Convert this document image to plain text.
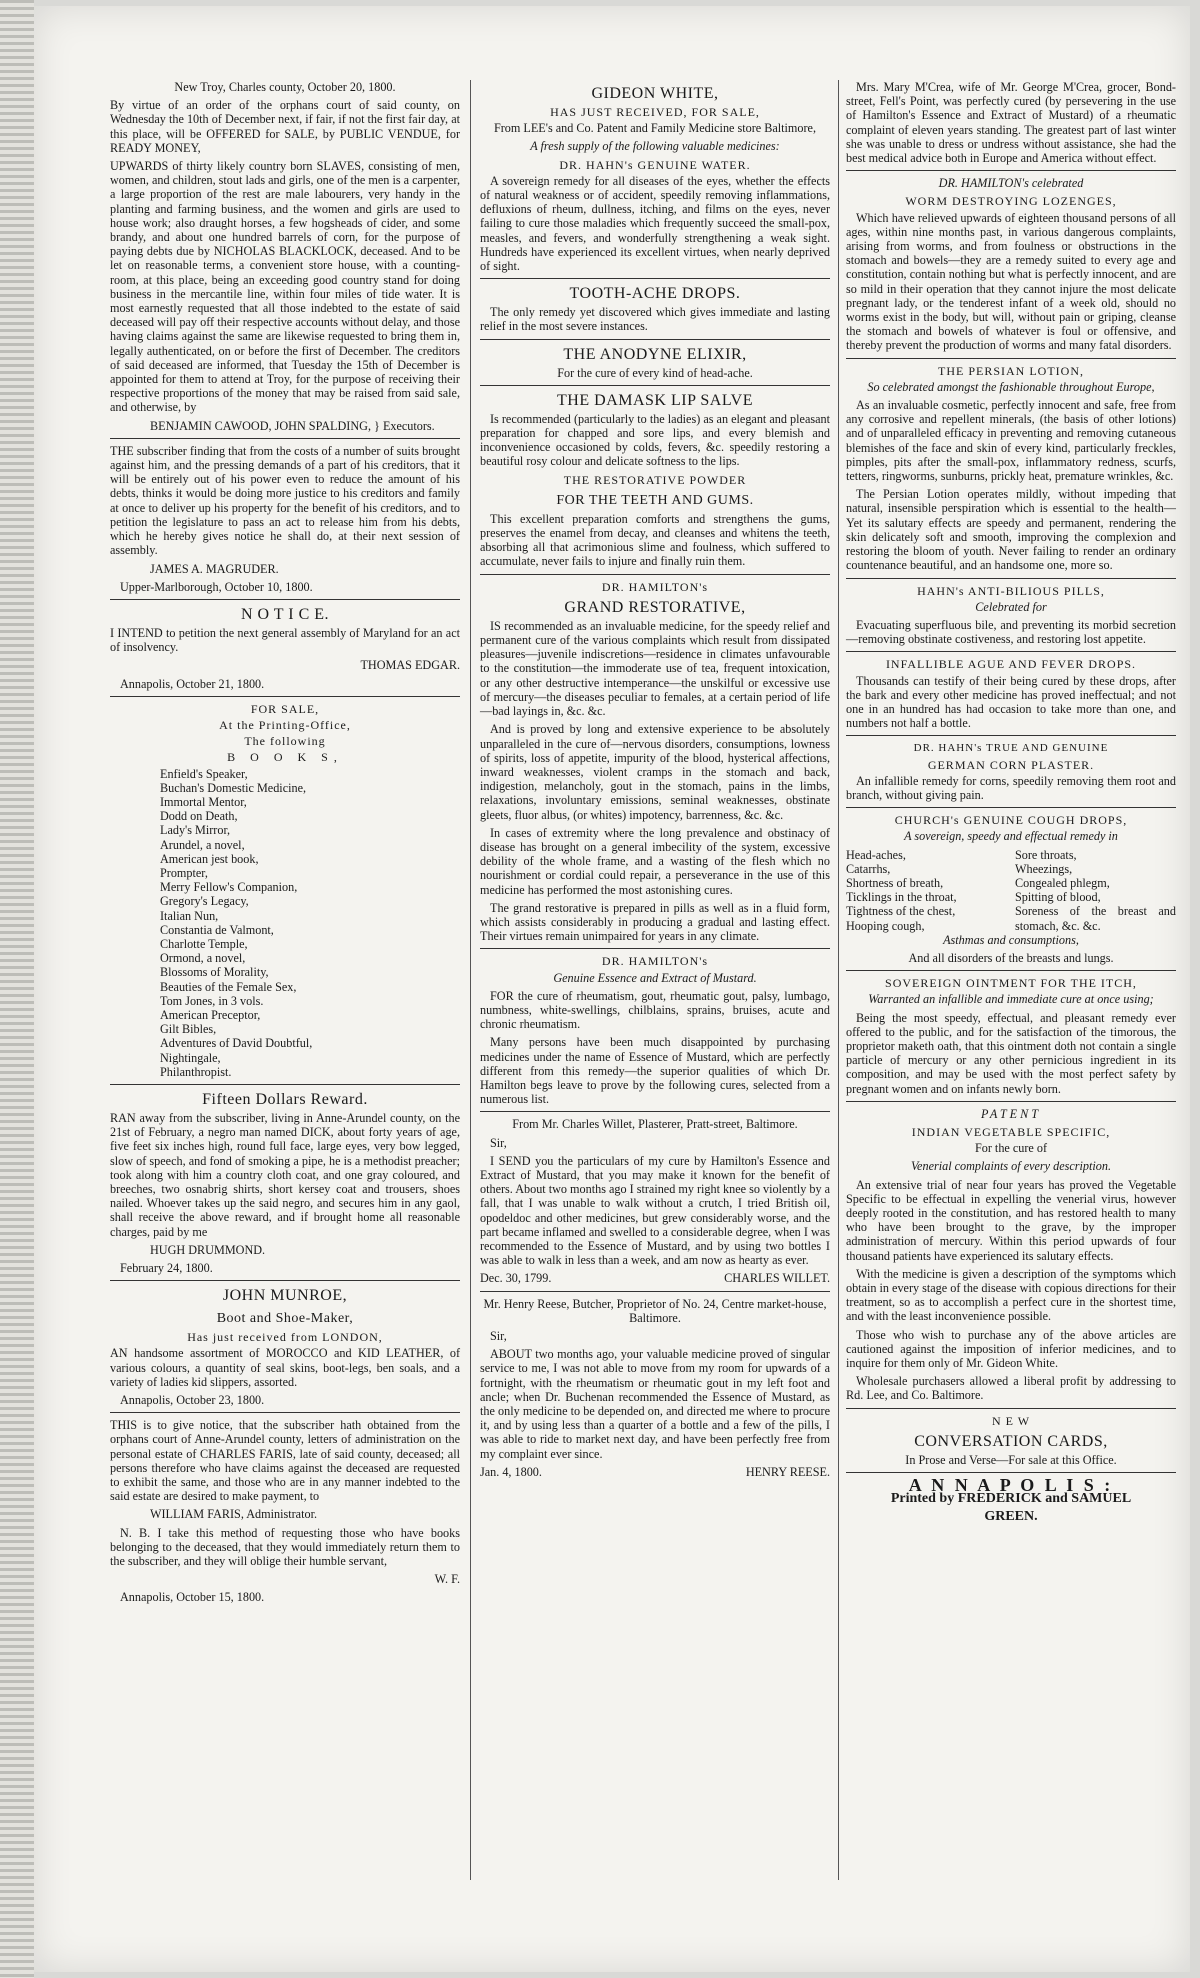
New Troy, Charles county, October 20, 1800.

By virtue of an order of the orphans court of said county, on Wednesday the 10th of December next, if fair, if not the first fair day, at this place, will be OFFERED for SALE, by PUBLIC VENDUE, for READY MONEY,

UPWARDS of thirty likely country born SLAVES, consisting of men, women, and children, stout lads and girls, one of the men is a carpenter, a large proportion of the rest are male labourers, very handy in the planting and farming business, and the women and girls are used to house work; also draught horses, a few hogsheads of cider, and some brandy, and about one hundred barrels of corn, for the purpose of paying debts due by NICHOLAS BLACKLOCK, deceased. And to be let on reasonable terms, a convenient store house, with a counting-room, at this place, being an exceeding good country stand for doing business in the mercantile line, within four miles of tide water. It is most earnestly requested that all those indebted to the estate of said deceased will pay off their respective accounts without delay, and those having claims against the same are likewise requested to bring them in, legally authenticated, on or before the first of December. The creditors of said deceased are informed, that Tuesday the 15th of December is appointed for them to attend at Troy, for the purpose of receiving their respective proportions of the money that may be raised from said sale, and otherwise, by

BENJAMIN CAWOOD, JOHN SPALDING, } Executors.

THE subscriber finding that from the costs of a number of suits brought against him, and the pressing demands of a part of his creditors, that it will be entirely out of his power even to reduce the amount of his debts, thinks it would be doing more justice to his creditors and family at once to deliver up his property for the benefit of his creditors, and to petition the legislature to pass an act to release him from his debts, which he hereby gives notice he shall do, at their next session of assembly.

JAMES A. MAGRUDER.

Upper-Marlborough, October 10, 1800.

N O T I C E.

I INTEND to petition the next general assembly of Maryland for an act of insolvency.

THOMAS EDGAR.

Annapolis, October 21, 1800.

FOR SALE,
At the Printing-Office,
The following
B O O K S,
Enfield's Speaker,
Buchan's Domestic Medicine,
Immortal Mentor,
Dodd on Death,
Lady's Mirror,
Arundel, a novel,
American jest book,
Prompter,
Merry Fellow's Companion,
Gregory's Legacy,
Italian Nun,
Constantia de Valmont,
Charlotte Temple,
Ormond, a novel,
Blossoms of Morality,
Beauties of the Female Sex,
Tom Jones, in 3 vols.
American Preceptor,
Gilt Bibles,
Adventures of David Doubtful,
Nightingale,
Philanthropist.
Fifteen Dollars Reward.

RAN away from the subscriber, living in Anne-Arundel county, on the 21st of February, a negro man named DICK, about forty years of age, five feet six inches high, round full face, large eyes, very bow legged, slow of speech, and fond of smoking a pipe, he is a methodist preacher; took along with him a country cloth coat, and one gray coloured, and breeches, two osnabrig shirts, short kersey coat and trousers, shoes nailed. Whoever takes up the said negro, and secures him in any gaol, shall receive the above reward, and if brought home all reasonable charges, paid by me

HUGH DRUMMOND.

February 24, 1800.

JOHN MUNROE,
Boot and Shoe-Maker,
Has just received from LONDON,

AN handsome assortment of MOROCCO and KID LEATHER, of various colours, a quantity of seal skins, boot-legs, ben soals, and a variety of ladies kid slippers, assorted.

Annapolis, October 23, 1800.

THIS is to give notice, that the subscriber hath obtained from the orphans court of Anne-Arundel county, letters of administration on the personal estate of CHARLES FARIS, late of said county, deceased; all persons therefore who have claims against the deceased are requested to exhibit the same, and those who are in any manner indebted to the said estate are desired to make payment, to

WILLIAM FARIS, Administrator.

N. B. I take this method of requesting those who have books belonging to the deceased, that they would immediately return them to the subscriber, and they will oblige their humble servant,

W. F.

Annapolis, October 15, 1800.

GIDEON WHITE,
HAS JUST RECEIVED, FOR SALE,

From LEE's and Co. Patent and Family Medicine store Baltimore,

A fresh supply of the following valuable medicines:

DR. HAHN's GENUINE WATER.

A sovereign remedy for all diseases of the eyes, whether the effects of natural weakness or of accident, speedily removing inflammations, defluxions of rheum, dullness, itching, and films on the eyes, never failing to cure those maladies which frequently succeed the small-pox, measles, and fevers, and wonderfully strengthening a weak sight. Hundreds have experienced its excellent virtues, when nearly deprived of sight.

TOOTH-ACHE DROPS.

The only remedy yet discovered which gives immediate and lasting relief in the most severe instances.

THE ANODYNE ELIXIR,

For the cure of every kind of head-ache.

THE DAMASK LIP SALVE

Is recommended (particularly to the ladies) as an elegant and pleasant preparation for chapped and sore lips, and every blemish and inconvenience occasioned by colds, fevers, &c. speedily restoring a beautiful rosy colour and delicate softness to the lips.

THE RESTORATIVE POWDER
FOR THE TEETH AND GUMS.

This excellent preparation comforts and strengthens the gums, preserves the enamel from decay, and cleanses and whitens the teeth, absorbing all that acrimonious slime and foulness, which suffered to accumulate, never fails to injure and finally ruin them.

DR. HAMILTON's
GRAND RESTORATIVE,

IS recommended as an invaluable medicine, for the speedy relief and permanent cure of the various complaints which result from dissipated pleasures—juvenile indiscretions—residence in climates unfavourable to the constitution—the immoderate use of tea, frequent intoxication, or any other destructive intemperance—the unskilful or excessive use of mercury—the diseases peculiar to females, at a certain period of life—bad layings in, &c. &c.

And is proved by long and extensive experience to be absolutely unparalleled in the cure of—nervous disorders, consumptions, lowness of spirits, loss of appetite, impurity of the blood, hysterical affections, inward weaknesses, violent cramps in the stomach and back, indigestion, melancholy, gout in the stomach, pains in the limbs, relaxations, involuntary emissions, seminal weaknesses, obstinate gleets, fluor albus, (or whites) impotency, barrenness, &c. &c.

In cases of extremity where the long prevalence and obstinacy of disease has brought on a general imbecility of the system, excessive debility of the whole frame, and a wasting of the flesh which no nourishment or cordial could repair, a perseverance in the use of this medicine has performed the most astonishing cures.

The grand restorative is prepared in pills as well as in a fluid form, which assists considerably in producing a gradual and lasting effect. Their virtues remain unimpaired for years in any climate.

DR. HAMILTON's

Genuine Essence and Extract of Mustard.

FOR the cure of rheumatism, gout, rheumatic gout, palsy, lumbago, numbness, white-swellings, chilblains, sprains, bruises, acute and chronic rheumatism.

Many persons have been much disappointed by purchasing medicines under the name of Essence of Mustard, which are perfectly different from this remedy—the superior qualities of which Dr. Hamilton begs leave to prove by the following cures, selected from a numerous list.

From Mr. Charles Willet, Plasterer, Pratt-street, Baltimore.

Sir,

I SEND you the particulars of my cure by Hamilton's Essence and Extract of Mustard, that you may make it known for the benefit of others. About two months ago I strained my right knee so violently by a fall, that I was unable to walk without a crutch, I tried British oil, opodeldoc and other medicines, but grew considerably worse, and the part became inflamed and swelled to a considerable degree, when I was recommended to the Essence of Mustard, and by using two bottles I was able to walk in less than a week, and am now as hearty as ever.

Dec. 30, 1799.	CHARLES WILLET.

Mr. Henry Reese, Butcher, Proprietor of No. 24, Centre market-house, Baltimore.

Sir,

ABOUT two months ago, your valuable medicine proved of singular service to me, I was not able to move from my room for upwards of a fortnight, with the rheumatism or rheumatic gout in my left foot and ancle; when Dr. Buchenan recommended the Essence of Mustard, as the only medicine to be depended on, and directed me where to procure it, and by using less than a quarter of a bottle and a few of the pills, I was able to ride to market next day, and have been perfectly free from my complaint ever since.

Jan. 4, 1800.	HENRY REESE.

Mrs. Mary M'Crea, wife of Mr. George M'Crea, grocer, Bond-street, Fell's Point, was perfectly cured (by persevering in the use of Hamilton's Essence and Extract of Mustard) of a rheumatic complaint of eleven years standing. The greatest part of last winter she was unable to dress or undress without assistance, she had the best medical advice both in Europe and America without effect.

DR. HAMILTON's celebrated

WORM DESTROYING LOZENGES,

Which have relieved upwards of eighteen thousand persons of all ages, within nine months past, in various dangerous complaints, arising from worms, and from foulness or obstructions in the stomach and bowels—they are a remedy suited to every age and constitution, contain nothing but what is perfectly innocent, and are so mild in their operation that they cannot injure the most delicate pregnant lady, or the tenderest infant of a week old, should no worms exist in the body, but will, without pain or griping, cleanse the stomach and bowels of whatever is foul or offensive, and thereby prevent the production of worms and many fatal disorders.

THE PERSIAN LOTION,

So celebrated amongst the fashionable throughout Europe,

As an invaluable cosmetic, perfectly innocent and safe, free from any corrosive and repellent minerals, (the basis of other lotions) and of unparalleled efficacy in preventing and removing cutaneous blemishes of the face and skin of every kind, particularly freckles, pimples, pits after the small-pox, inflammatory redness, scurfs, tetters, ringworms, sunburns, prickly heat, premature wrinkles, &c.

The Persian Lotion operates mildly, without impeding that natural, insensible perspiration which is essential to the health—Yet its salutary effects are speedy and permanent, rendering the skin delicately soft and smooth, improving the complexion and restoring the bloom of youth. Never failing to render an ordinary countenance beautiful, and an handsome one, more so.

HAHN's ANTI-BILIOUS PILLS,

Celebrated for

Evacuating superfluous bile, and preventing its morbid secretion—removing obstinate costiveness, and restoring lost appetite.

INFALLIBLE AGUE AND FEVER DROPS.

Thousands can testify of their being cured by these drops, after the bark and every other medicine has proved ineffectual; and not one in an hundred has had occasion to take more than one, and numbers not half a bottle.

DR. HAHN's TRUE AND GENUINE
GERMAN CORN PLASTER.

An infallible remedy for corns, speedily removing them root and branch, without giving pain.

CHURCH's GENUINE COUGH DROPS,

A sovereign, speedy and effectual remedy in

Head-aches,
Catarrhs,
Shortness of breath,
Ticklings in the throat,
Tightness of the chest,
Hooping cough,
Sore throats,
Wheezings,
Congealed phlegm,
Spitting of blood,
Soreness of the breast and stomach, &c. &c.

Asthmas and consumptions,

And all disorders of the breasts and lungs.

SOVEREIGN OINTMENT FOR THE ITCH,

Warranted an infallible and immediate cure at once using;

Being the most speedy, effectual, and pleasant remedy ever offered to the public, and for the satisfaction of the timorous, the proprietor maketh oath, that this ointment doth not contain a single particle of mercury or any other pernicious ingredient in its composition, and may be used with the most perfect safety by pregnant women and on infants newly born.

PATENT

INDIAN VEGETABLE SPECIFIC,

For the cure of

Venerial complaints of every description.

An extensive trial of near four years has proved the Vegetable Specific to be effectual in expelling the venerial virus, however deeply rooted in the constitution, and has restored health to many who have been brought to the grave, by the improper administration of mercury. Within this period upwards of four thousand patients have experienced its salutary effects.

With the medicine is given a description of the symptoms which obtain in every stage of the disease with copious directions for their treatment, so as to accomplish a perfect cure in the shortest time, and with the least inconvenience possible.

Those who wish to purchase any of the above articles are cautioned against the imposition of inferior medicines, and to inquire for them only of Mr. Gideon White.

Wholesale purchasers allowed a liberal profit by addressing to Rd. Lee, and Co. Baltimore.

N E W
CONVERSATION CARDS,

In Prose and Verse—For sale at this Office.

A N N A P O L I S :

Printed by FREDERICK and SAMUEL

GREEN.
